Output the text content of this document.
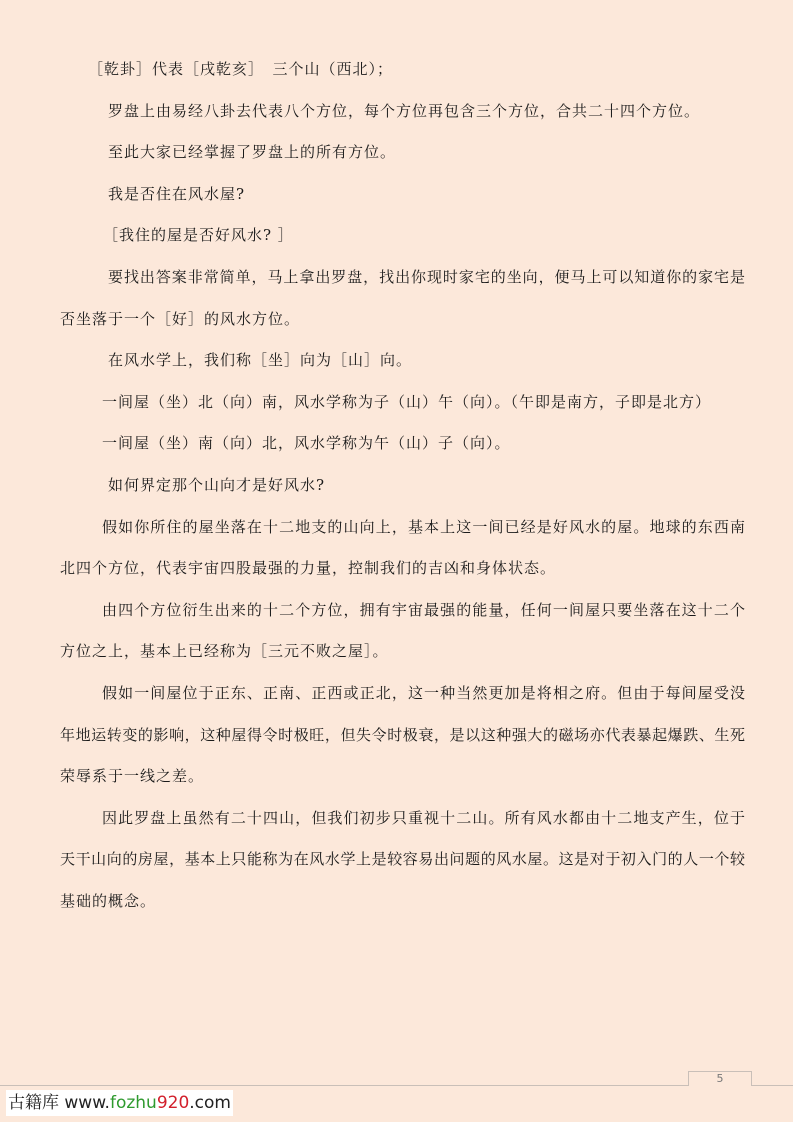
［乾卦］代表［戌乾亥］　三个山（西北）；
罗盘上由易经八卦去代表八个方位，每个方位再包含三个方位，合共二十四个方位。
至此大家已经掌握了罗盘上的所有方位。
我是否住在风水屋?
［我住的屋是否好风水? ］
要找出答案非常简单，马上拿出罗盘，找出你现时家宅的坐向，便马上可以知道你的家宅是
否坐落于一个［好］的风水方位。
在风水学上，我们称［坐］向为［山］向。
一间屋（坐）北（向）南，风水学称为子（山）午（向）。（午即是南方，子即是北方）
一间屋（坐）南（向）北，风水学称为午（山）子（向）。
如何界定那个山向才是好风水?
假如你所住的屋坐落在十二地支的山向上，基本上这一间已经是好风水的屋。地球的东西南
北四个方位，代表宇宙四股最强的力量，控制我们的吉凶和身体状态。
由四个方位衍生出来的十二个方位，拥有宇宙最强的能量，任何一间屋只要坐落在这十二个
方位之上，基本上已经称为［三元不败之屋］。
假如一间屋位于正东、正南、正西或正北，这一种当然更加是将相之府。但由于每间屋受没
年地运转变的影响，这种屋得令时极旺，但失令时极衰，是以这种强大的磁场亦代表暴起爆跌、生死
荣辱系于一线之差。
因此罗盘上虽然有二十四山，但我们初步只重视十二山。所有风水都由十二地支产生，位于
天干山向的房屋，基本上只能称为在风水学上是较容易出问题的风水屋。这是对于初入门的人一个较
基础的概念。
5
古籍库 www.fozhu920.com
